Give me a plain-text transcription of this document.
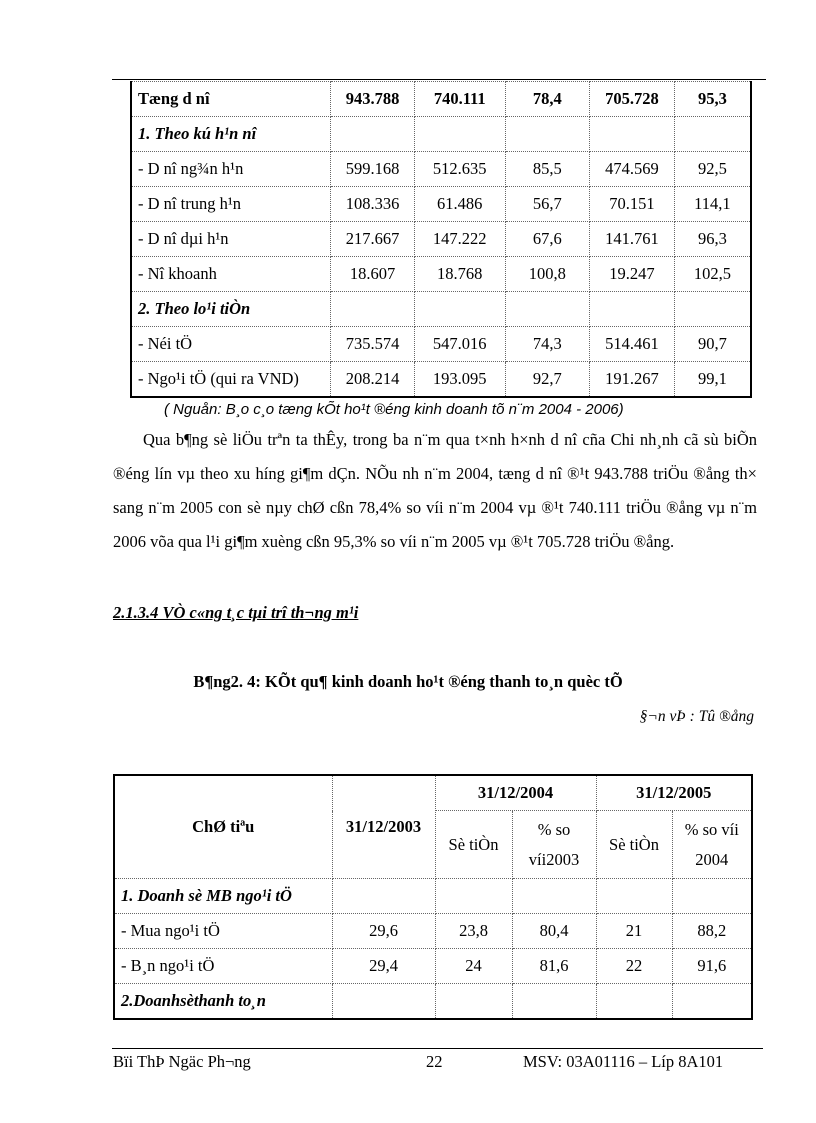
Tæng d nî	943.788	740.111	78,4	705.728	95,3
1. Theo kú h¹n nî					
- D nî ng¾n h¹n	599.168	512.635	85,5	474.569	92,5
- D nî trung h¹n	108.336	61.486	56,7	70.151	114,1
- D nî dµi h¹n	217.667	147.222	67,6	141.761	96,3
- Nî khoanh	18.607	18.768	100,8	19.247	102,5
2. Theo lo¹i tiÒn					
- Néi tÖ	735.574	547.016	74,3	514.461	90,7
- Ngo¹i tÖ (qui ra VND)	208.214	193.095	92,7	191.267	99,1
( Nguån: B¸o c¸o tæng kÕt ho¹t ®éng kinh doanh tõ n¨m 2004 - 2006)
Qua b¶ng sè liÖu trªn ta thÊy, trong ba n¨m qua t×nh h×nh d nî cña Chi nh¸nh cã sù biÕn ®éng lín vµ theo xu híng gi¶m dÇn. NÕu nh n¨m 2004, tæng d nî ®¹t 943.788 triÖu ®ång th× sang n¨m 2005 con sè nµy chØ cßn 78,4% so víi n¨m 2004 vµ ®¹t 740.111 triÖu ®ång vµ n¨m 2006 võa qua l¹i gi¶m xuèng cßn 95,3% so víi n¨m 2005 vµ ®¹t 705.728 triÖu ®ång.
2.1.3.4 VÒ c«ng t¸c tµi trî th¬ng m¹i
B¶ng2. 4: KÕt qu¶ kinh doanh ho¹t ®éng thanh to¸n quèc tÕ
§¬n vÞ : Tû ®ång
ChØ tiªu	31/12/2003	31/12/2004		31/12/2005	
		Sè tiÒn	% so víi2003	Sè tiÒn	% so víi 2004
1. Doanh sè MB ngo¹i tÖ					
- Mua ngo¹i tÖ	29,6	23,8	80,4	21	88,2
- B¸n ngo¹i tÖ	29,4	24	81,6	22	91,6
2.Doanhsèthanh to¸n					
Bïi ThÞ Ngäc Ph¬ng	22	MSV: 03A01116 – Líp 8A101
